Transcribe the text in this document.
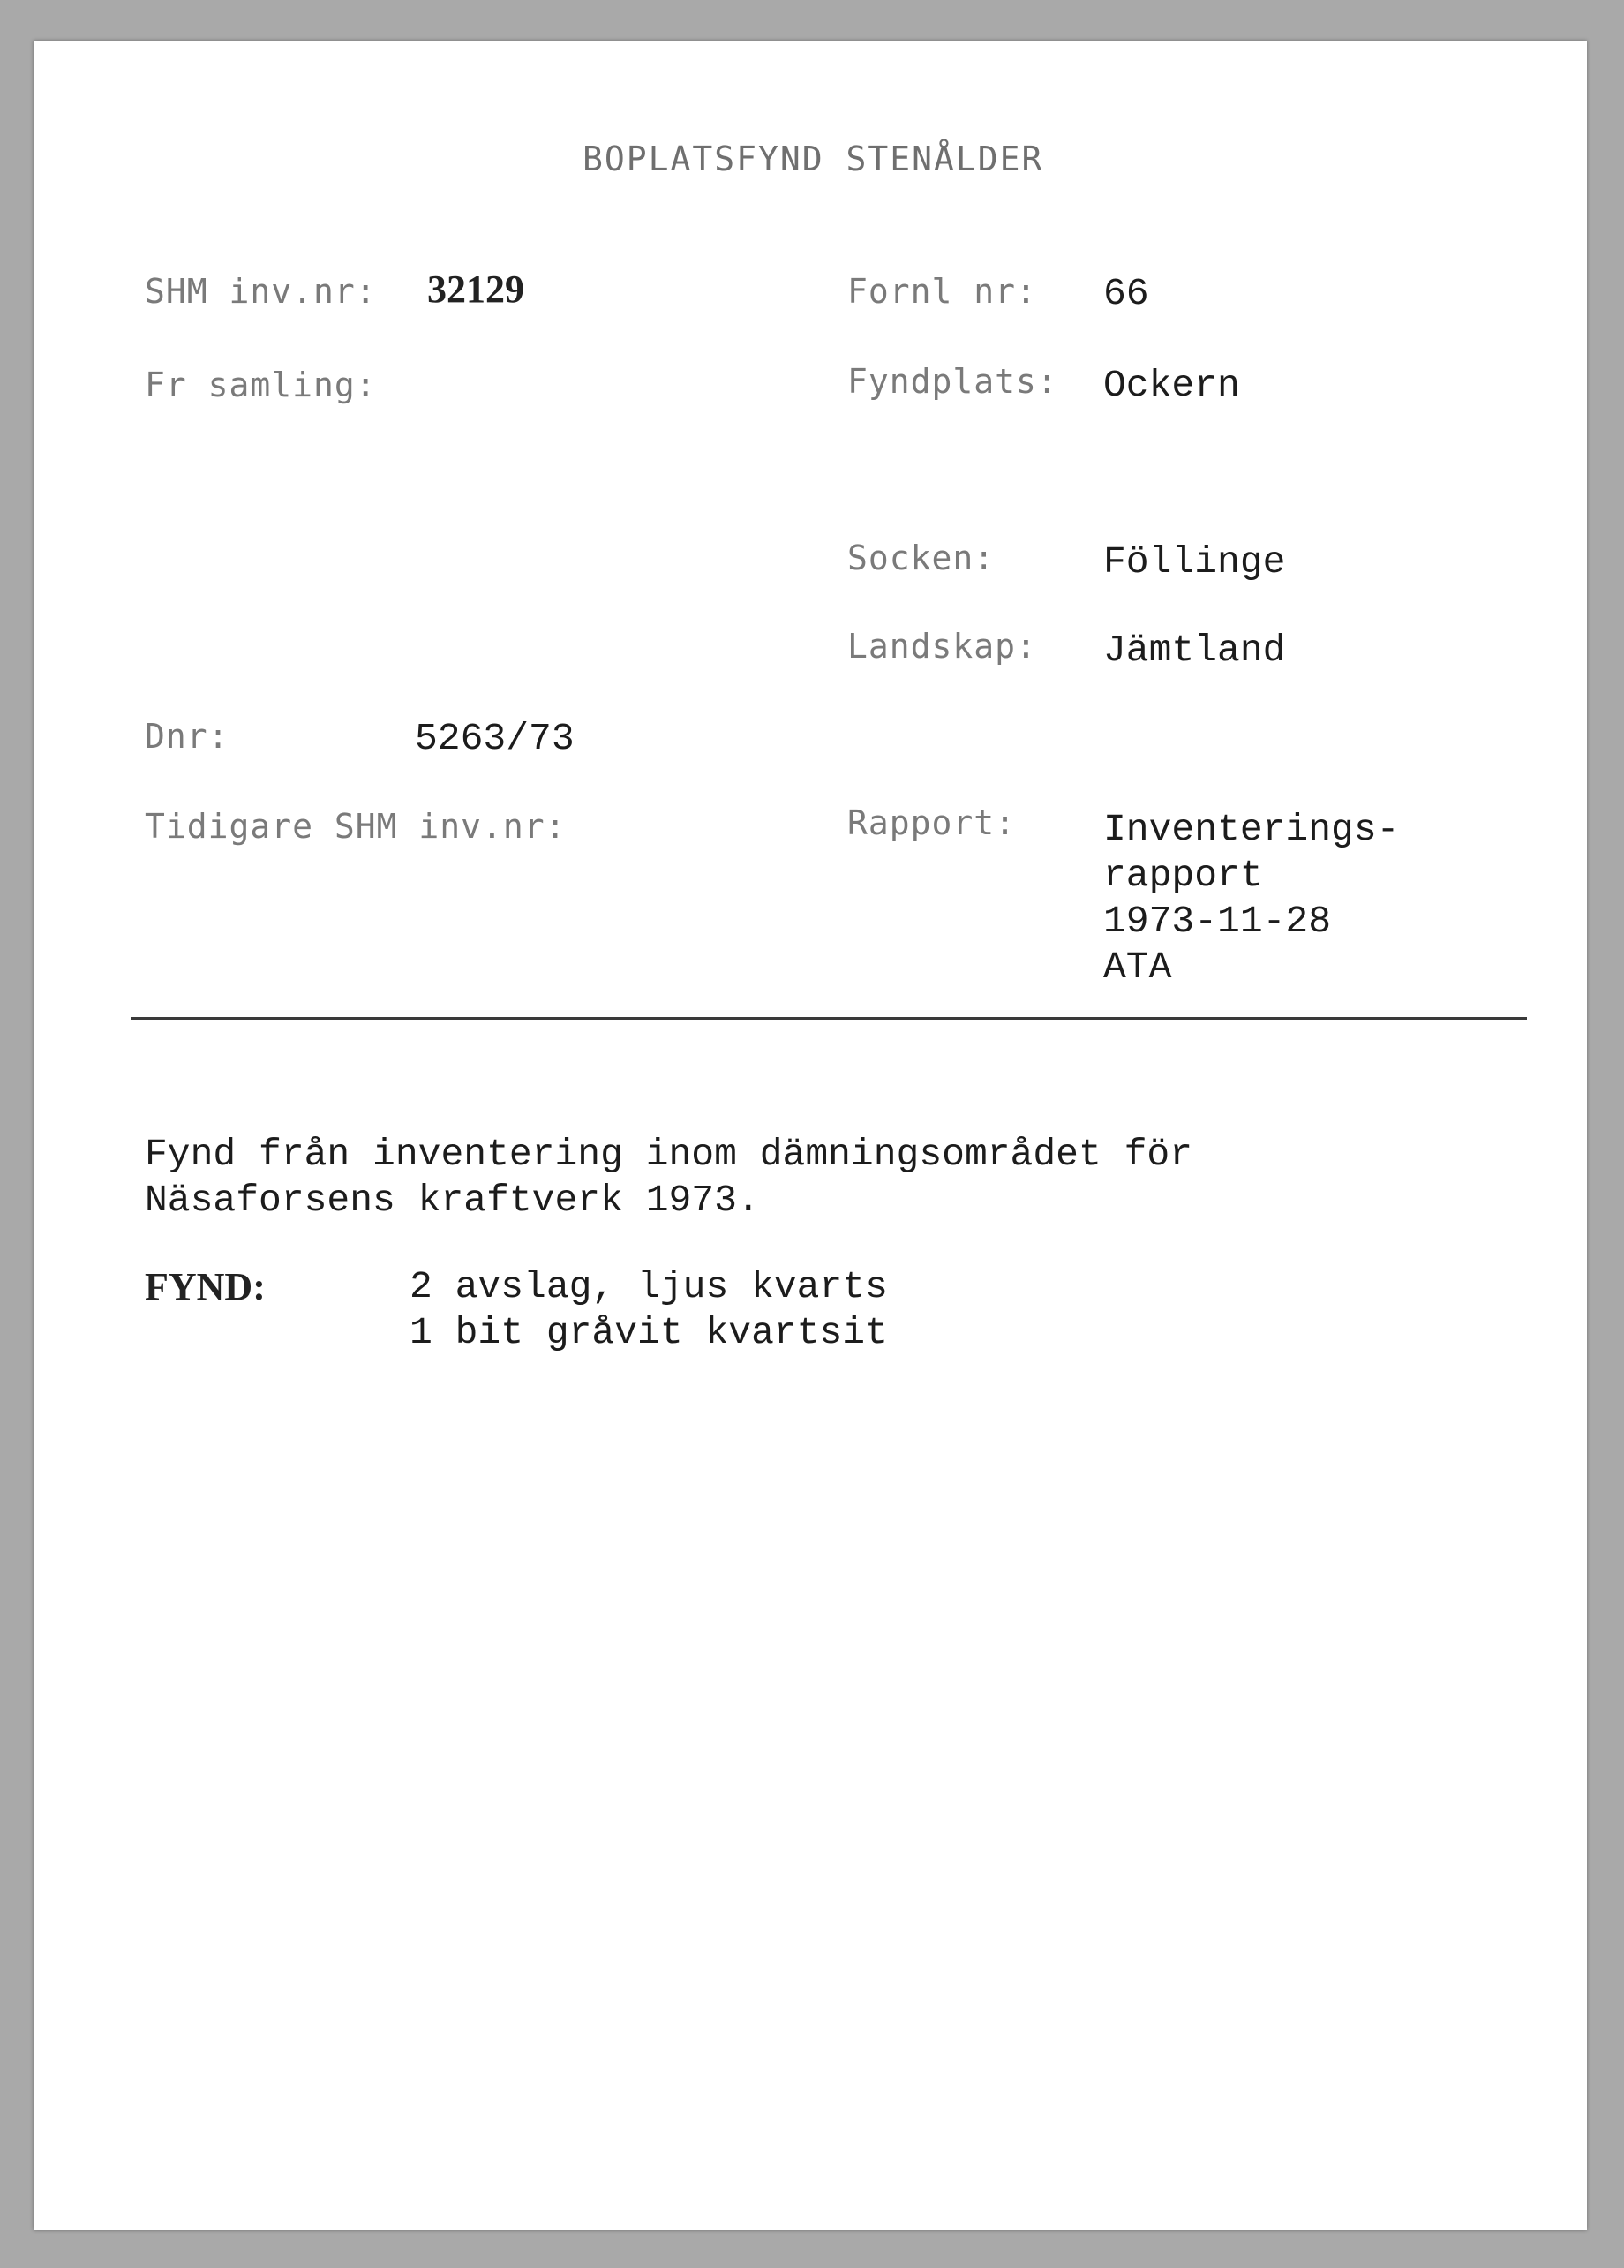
BOPLATSFYND STENÅLDER
SHM inv.nr: 32129	Fornl nr: 66
Fr samling:	Fyndplats: Ockern
Socken:	Föllinge
Landskap: Jämtland
Dnr:	5263/73
Tidigare SHM inv.nr:	Rapport: Inventerings-
rapport
1973-11-28
ATA
Fynd från inventering inom dämningsområdet för
Näsaforsens kraftverk 1973.
FYND:	2 avslag, ljus kvarts
1 bit gråvit kvartsit
